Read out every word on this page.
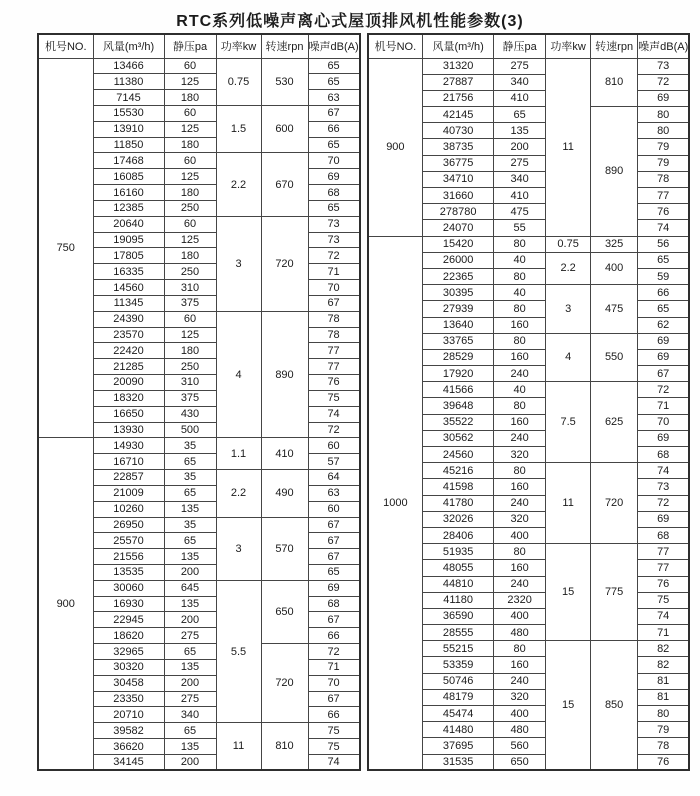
RTC系列低噪声离心式屋顶排风机性能参数(3)
机号NO.	风量(m³/h)	静压pa	功率kw	转速rpn	噪声dB(A)
750	13466	60	0.75	530	65
	11380	125			65
	7145	180			63
	15530	60	1.5	600	67
	13910	125			66
	11850	180			65
	17468	60	2.2	670	70
	16085	125			69
	16160	180			68
	12385	250			65
	20640	60	3	720	73
	19095	125			73
	17805	180			72
	16335	250			71
	14560	310			70
	11345	375			67
	24390	60	4	890	78
	23570	125			78
	22420	180			77
	21285	250			77
	20090	310			76
	18320	375			75
	16650	430			74
	13930	500			72
900	14930	35	1.1	410	60
	16710	65			57
	22857	35	2.2	490	64
	21009	65			63
	10260	135			60
	26950	35	3	570	67
	25570	65			67
	21556	135			67
	13535	200			65
	30060	645	5.5	650	69
	16930	135			68
	22945	200			67
	18620	275			66
	32965	65		720	72
	30320	135			71
	30458	200			70
	23350	275			67
	20710	340			66
	39582	65	11	810	75
	36620	135			75
	34145	200			74
机号NO.	风量(m³/h)	静压pa	功率kw	转速rpn	噪声dB(A)
900	31320	275	11	810	73
	27887	340			72
	21756	410			69
	42145	65		890	80
	40730	135			80
	38735	200			79
	36775	275			79
	34710	340			78
	31660	410			77
	278780	475			76
	24070	55			74
1000	15420	80	0.75	325	56
	26000	40	2.2	400	65
	22365	80			59
	30395	40	3	475	66
	27939	80			65
	13640	160			62
	33765	80	4	550	69
	28529	160			69
	17920	240			67
	41566	40	7.5	625	72
	39648	80			71
	35522	160			70
	30562	240			69
	24560	320			68
	45216	80	11	720	74
	41598	160			73
	41780	240			72
	32026	320			69
	28406	400			68
	51935	80	15	775	77
	48055	160			77
	44810	240			76
	41180	2320			75
	36590	400			74
	28555	480			71
	55215	80	15	850	82
	53359	160			82
	50746	240			81
	48179	320			81
	45474	400			80
	41480	480			79
	37695	560			78
	31535	650			76
